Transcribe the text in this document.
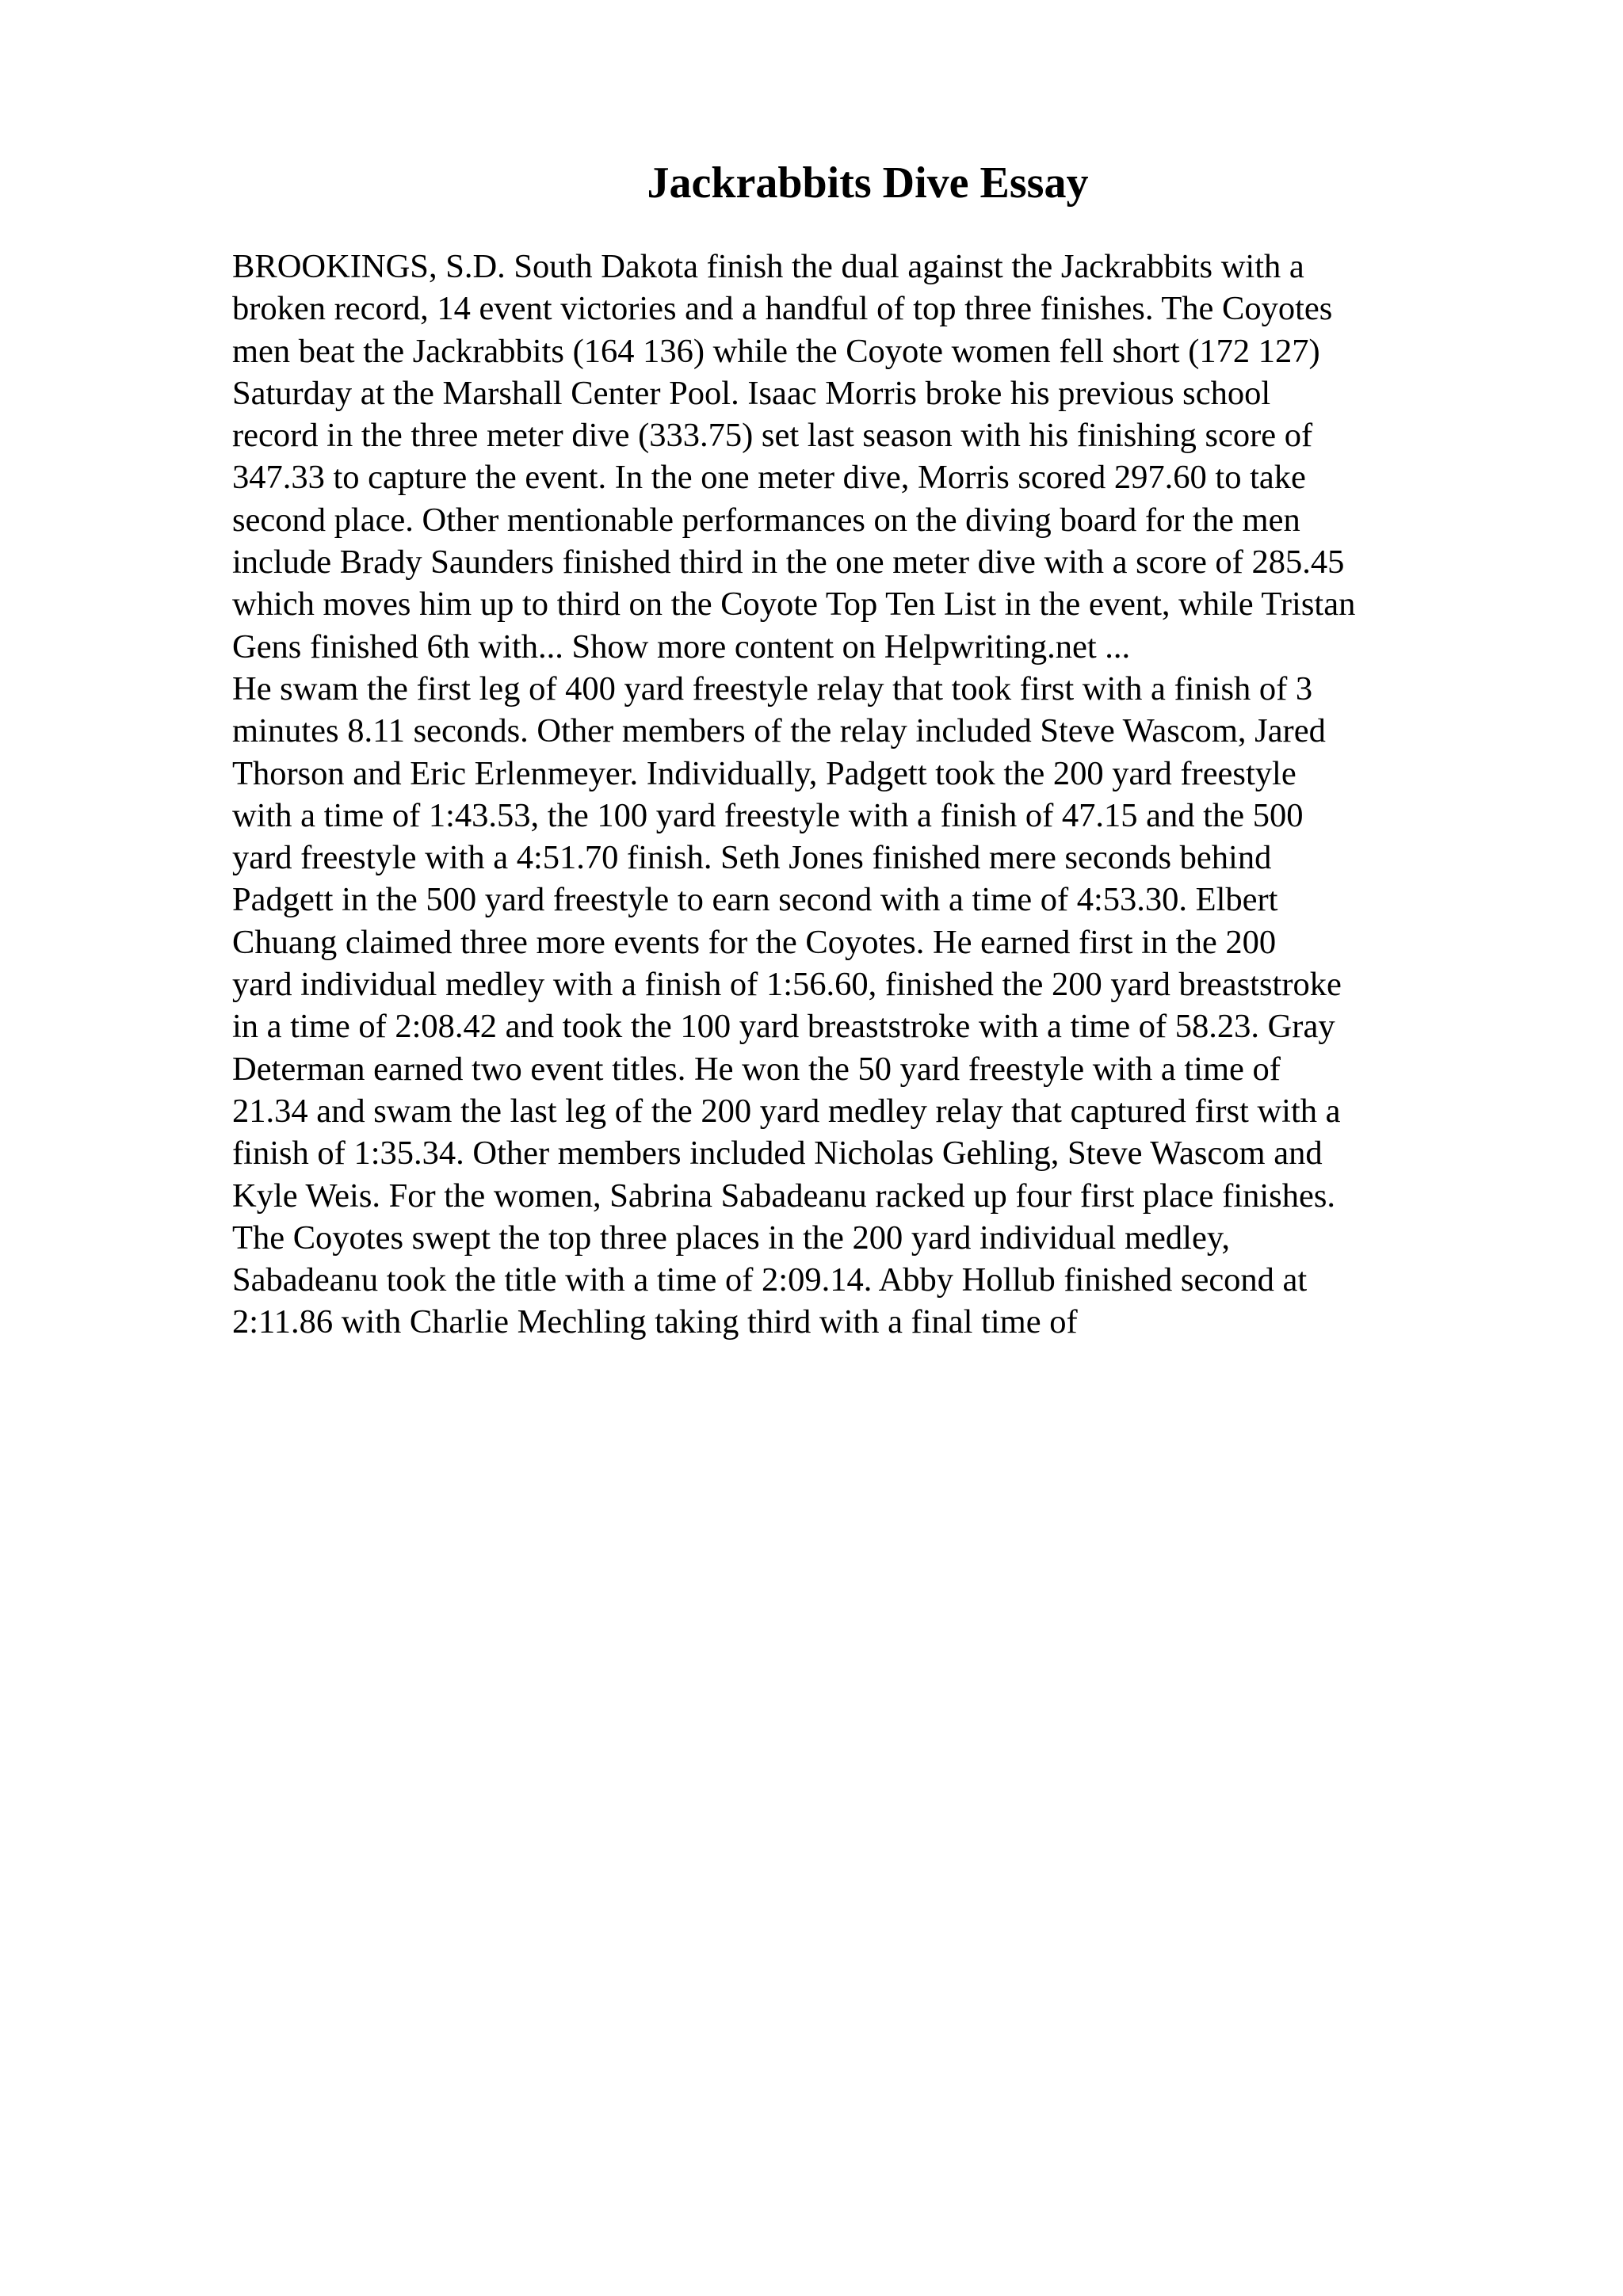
Jackrabbits Dive Essay

BROOKINGS, S.D. South Dakota finish the dual against the Jackrabbits with a
broken record, 14 event victories and a handful of top three finishes. The Coyotes
men beat the Jackrabbits (164 136) while the Coyote women fell short (172 127)
Saturday at the Marshall Center Pool. Isaac Morris broke his previous school
record in the three meter dive (333.75) set last season with his finishing score of
347.33 to capture the event. In the one meter dive, Morris scored 297.60 to take
second place. Other mentionable performances on the diving board for the men
include Brady Saunders finished third in the one meter dive with a score of 285.45
which moves him up to third on the Coyote Top Ten List in the event, while Tristan
Gens finished 6th with... Show more content on Helpwriting.net ...

He swam the first leg of 400 yard freestyle relay that took first with a finish of 3
minutes 8.11 seconds. Other members of the relay included Steve Wascom, Jared
Thorson and Eric Erlenmeyer. Individually, Padgett took the 200 yard freestyle
with a time of 1:43.53, the 100 yard freestyle with a finish of 47.15 and the 500
yard freestyle with a 4:51.70 finish. Seth Jones finished mere seconds behind
Padgett in the 500 yard freestyle to earn second with a time of 4:53.30. Elbert
Chuang claimed three more events for the Coyotes. He earned first in the 200
yard individual medley with a finish of 1:56.60, finished the 200 yard breaststroke
in a time of 2:08.42 and took the 100 yard breaststroke with a time of 58.23. Gray
Determan earned two event titles. He won the 50 yard freestyle with a time of
21.34 and swam the last leg of the 200 yard medley relay that captured first with a
finish of 1:35.34. Other members included Nicholas Gehling, Steve Wascom and
Kyle Weis. For the women, Sabrina Sabadeanu racked up four first place finishes.
The Coyotes swept the top three places in the 200 yard individual medley,
Sabadeanu took the title with a time of 2:09.14. Abby Hollub finished second at
2:11.86 with Charlie Mechling taking third with a final time of
